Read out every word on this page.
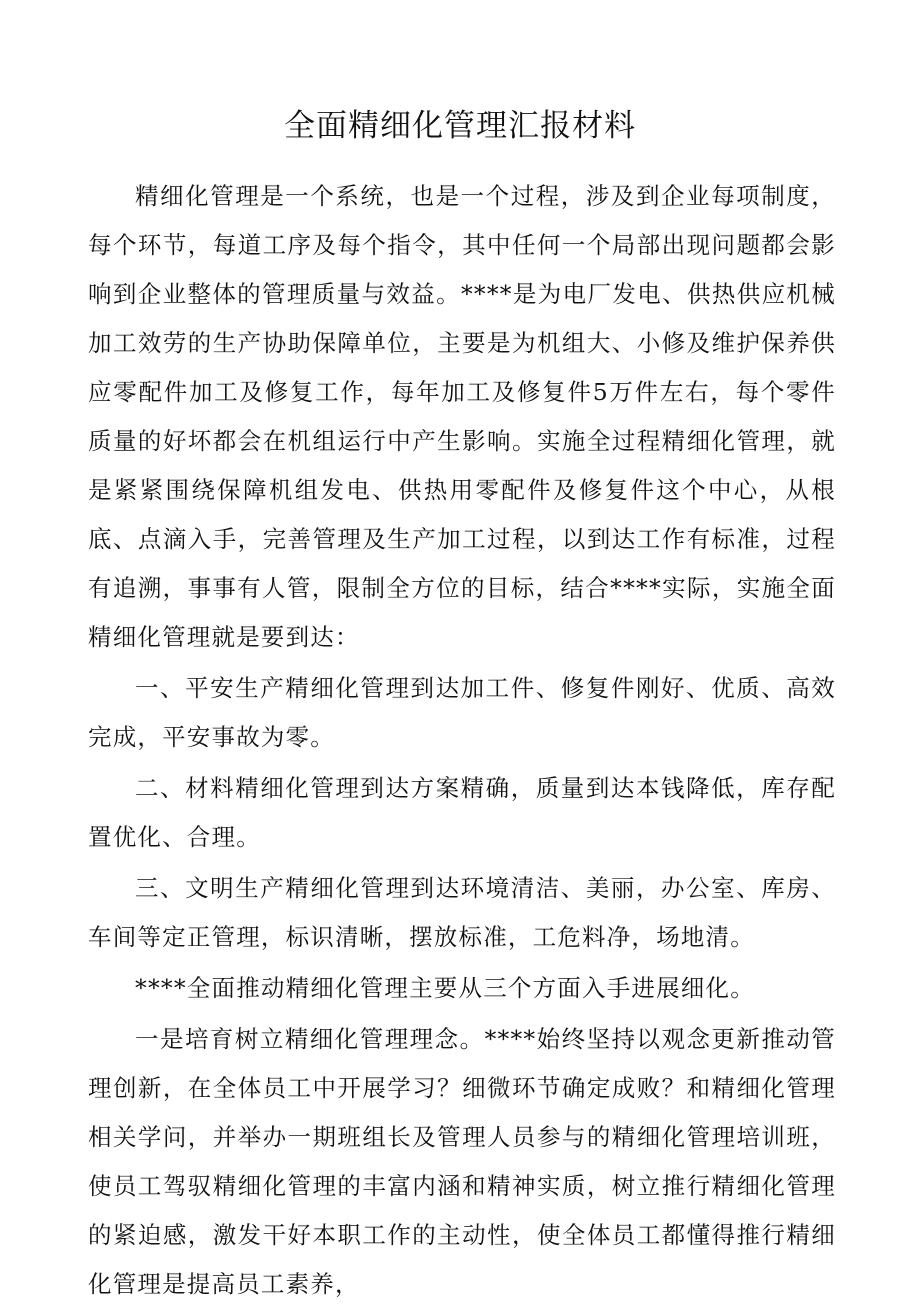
全面精细化管理汇报材料

精细化管理是一个系统，也是一个过程，涉及到企业每项制度，每个环节，每道工序及每个指令，其中任何一个局部出现问题都会影响到企业整体的管理质量与效益。****是为电厂发电、供热供应机械加工效劳的生产协助保障单位，主要是为机组大、小修及维护保养供应零配件加工及修复工作，每年加工及修复件5万件左右，每个零件质量的好坏都会在机组运行中产生影响。实施全过程精细化管理，就是紧紧围绕保障机组发电、供热用零配件及修复件这个中心，从根底、点滴入手，完善管理及生产加工过程，以到达工作有标准，过程有追溯，事事有人管，限制全方位的目标，结合****实际，实施全面精细化管理就是要到达：

一、平安生产精细化管理到达加工件、修复件刚好、优质、高效完成，平安事故为零。

二、材料精细化管理到达方案精确，质量到达本钱降低，库存配置优化、合理。

三、文明生产精细化管理到达环境清洁、美丽，办公室、库房、车间等定正管理，标识清晰，摆放标准，工危料净，场地清。

****全面推动精细化管理主要从三个方面入手进展细化。

一是培育树立精细化管理理念。****始终坚持以观念更新推动管理创新，在全体员工中开展学习？细微环节确定成败？和精细化管理相关学问，并举办一期班组长及管理人员参与的精细化管理培训班，使员工驾驭精细化管理的丰富内涵和精神实质，树立推行精细化管理的紧迫感，激发干好本职工作的主动性，使全体员工都懂得推行精细化管理是提高员工素养，
